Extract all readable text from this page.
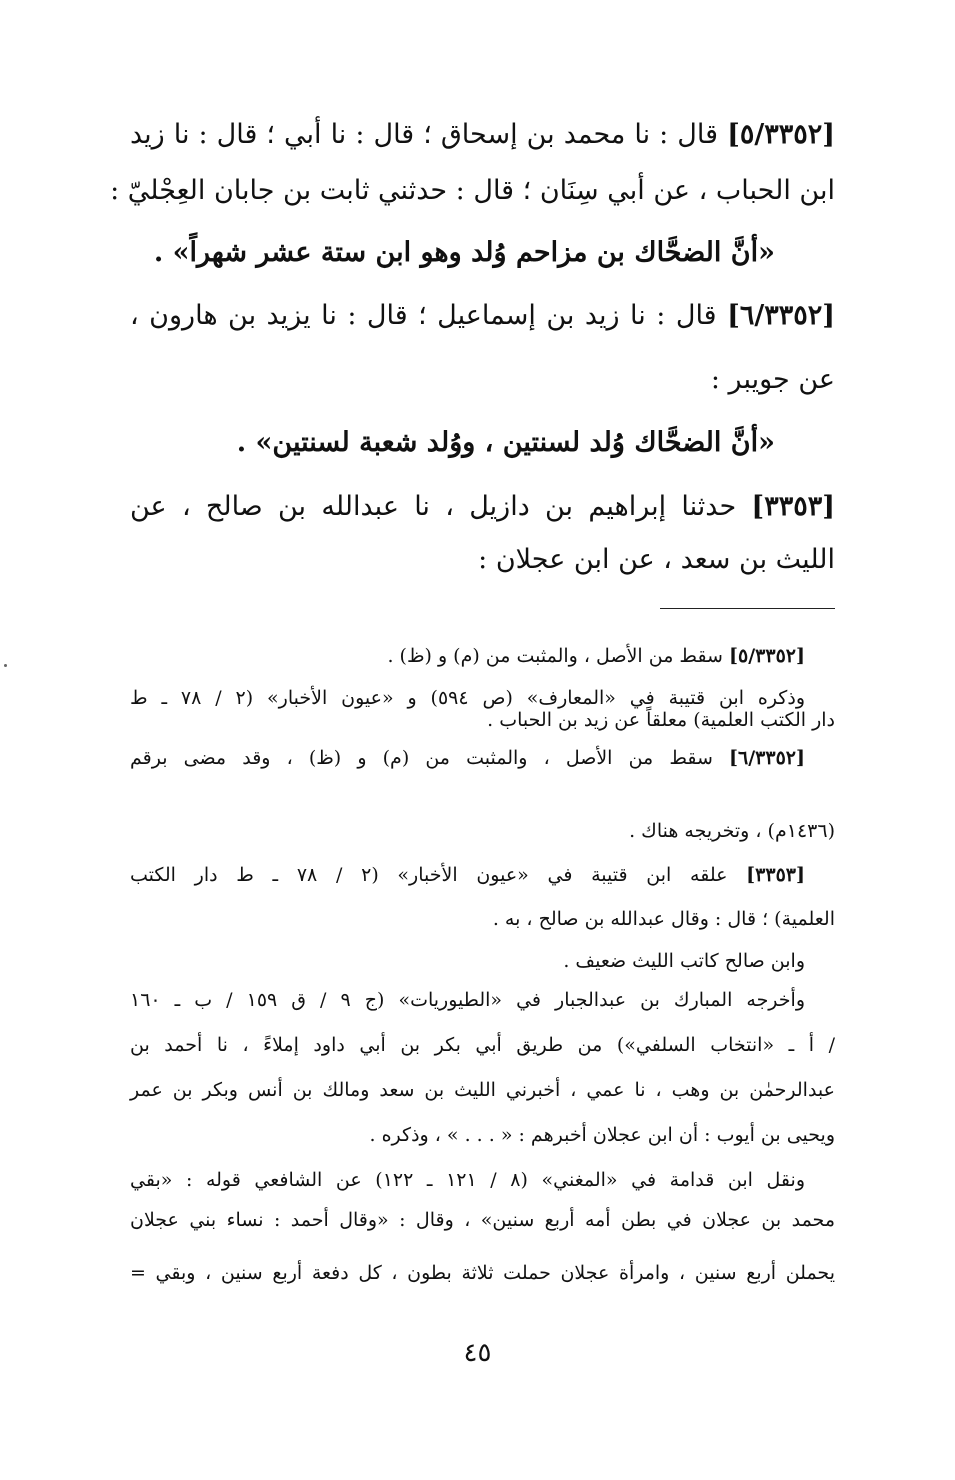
[٥/٣٣٥٢] قال : نا محمد بن إسحاق ؛ قال : نا أبي ؛ قال : نا زيد
ابن الحباب ، عن أبي سِنَان ؛ قال : حدثني ثابت بن جابان العِجْليّ :
«أنَّ الضحَّاك بن مزاحم وُلد وهو ابن ستة عشر شهراً» .
[٦/٣٣٥٢] قال : نا زيد بن إسماعيل ؛ قال : نا يزيد بن هارون ،
عن جويبر :
«أنَّ الضحَّاك وُلد لسنتين ، ووُلد شعبة لسنتين» .
[٣٣٥٣] حدثنا إبراهيم بن دازيل ، نا عبدالله بن صالح ، عن
الليث بن سعد ، عن ابن عجلان :
[٥/٣٣٥٢] سقط من الأصل ، والمثبت من (م) و (ظ) .
وذكره ابن قتيبة في «المعارف» (ص ٥٩٤) و «عيون الأخبار» (٢ / ٧٨ ـ ط
دار الكتب العلمية) معلقاً عن زيد بن الحباب .
[٦/٣٣٥٢] سقط من الأصل ، والمثبت من (م) و (ظ) ، وقد مضى برقم
(١٤٣٦م) ، وتخريجه هناك .
[٣٣٥٣] علقه ابن قتيبة في «عيون الأخبار» (٢ / ٧٨ ـ ط دار الكتب
العلمية) ؛ قال : وقال عبدالله بن صالح ، به .
وابن صالح كاتب الليث ضعيف .
وأخرجه المبارك بن عبدالجبار في «الطيوريات» (ج ٩ / ق ١٥٩ / ب ـ ١٦٠
/ أ ـ «انتخاب السلفي») من طريق أبي بكر بن أبي داود إملاءً ، نا أحمد بن
عبدالرحمٰن بن وهب ، نا عمي ، أخبرني الليث بن سعد ومالك بن أنس وبكر بن عمر
ويحيى بن أيوب : أن ابن عجلان أخبرهم : « . . . » ، وذكره .
ونقل ابن قدامة في «المغني» (٨ / ١٢١ ـ ١٢٢) عن الشافعي قوله : «بقي
محمد بن عجلان في بطن أمه أربع سنين» ، وقال : «وقال أحمد : نساء بني عجلان
يحملن أربع سنين ، وامرأة عجلان حملت ثلاثة بطون ، كل دفعة أربع سنين ، وبقي =
٤٥
